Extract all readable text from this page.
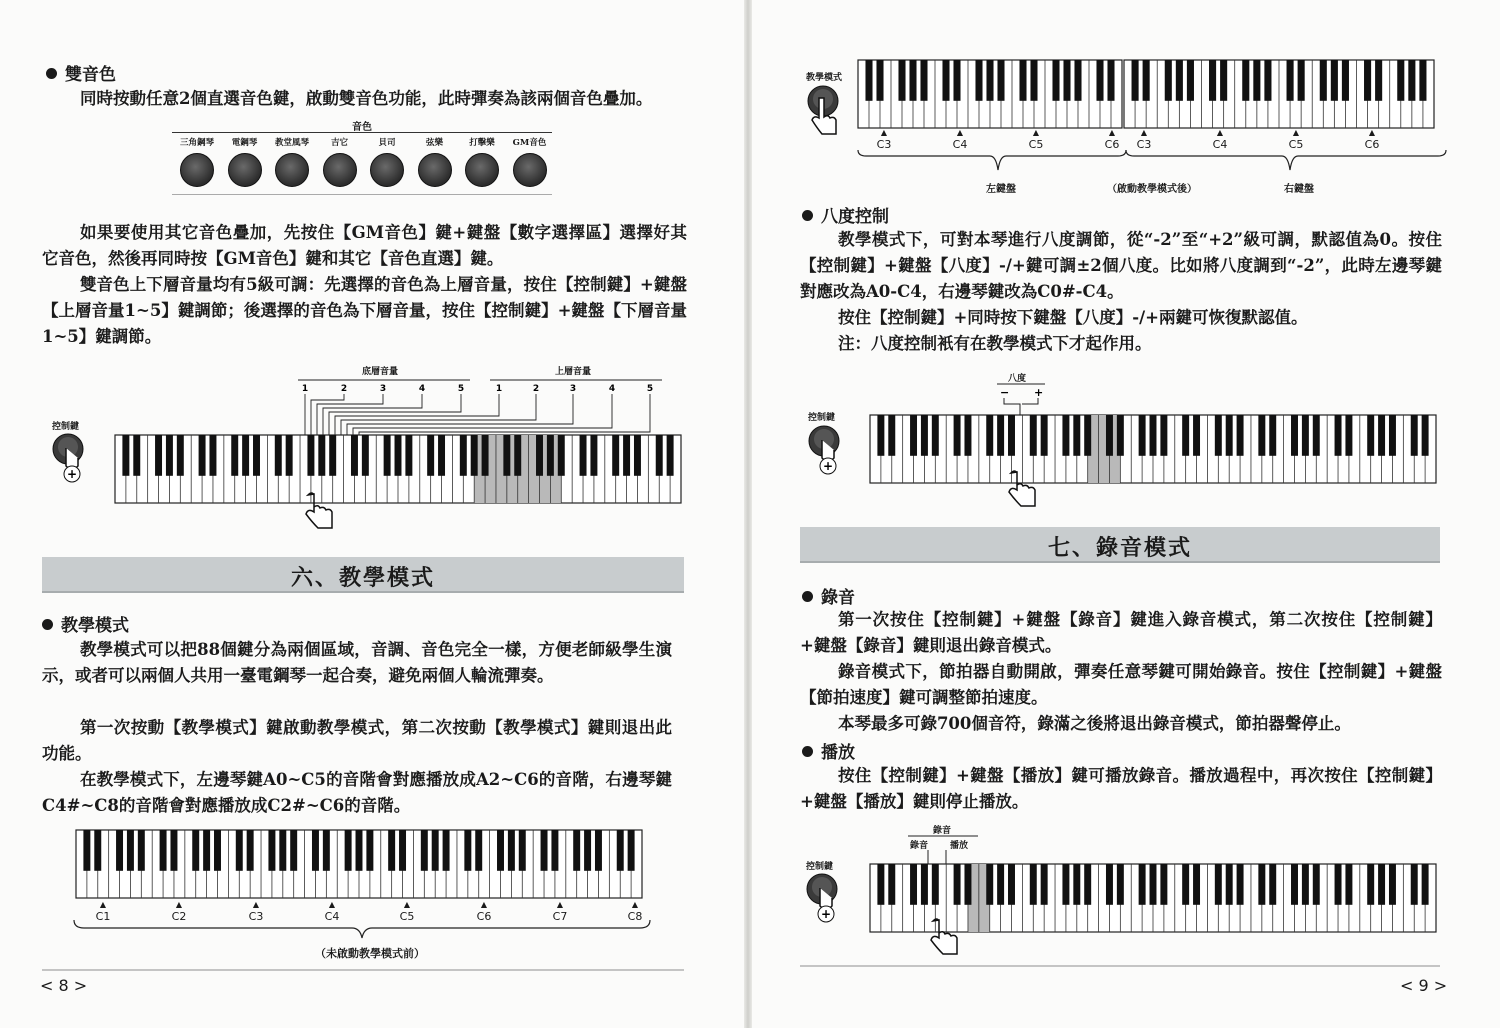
雙音色

同時按動任意2個直選音色鍵，啟動雙音色功能，此時彈奏為該兩個音色疊加。

音色
三角鋼琴	電鋼琴	教堂風琴	吉它	貝司	弦樂	打擊樂	GM音色

如果要使用其它音色疊加，先按住【GM音色】鍵+鍵盤【數字選擇區】選擇好其它音色，然後再同時按【GM音色】鍵和其它【音色直選】鍵。

雙音色上下層音量均有5級可調：先選擇的音色為上層音量，按住【控制鍵】+鍵盤【上層音量1~5】鍵調節；後選擇的音色為下層音量，按住【控制鍵】+鍵盤【下層音量1~5】鍵調節。

控制鍵
+
底層音量	上層音量
1	2	3	4	5	1	2	3	4	5
六、教學模式
教學模式

教學模式可以把88個鍵分為兩個區域，音調、音色完全一樣，方便老師級學生演示，或者可以兩個人共用一臺電鋼琴一起合奏，避免兩個人輪流彈奏。

第一次按動【教學模式】鍵啟動教學模式，第二次按動【教學模式】鍵則退出此功能。

在教學模式下，左邊琴鍵A0~C5的音階會對應播放成A2~C6的音階，右邊琴鍵C4#~C8的音階會對應播放成C2#~C6的音階。

▲
C1
▲
C2
▲
C3
▲
C4
▲
C5
▲
C6
▲
C7
▲
C8
（未啟動教學模式前）
< 8 >
教學模式
▲
C3
▲
C4
▲
C5
▲
C6
▲
C3
▲
C4
▲
C5
▲
C6
左鍵盤	（啟動教學模式後）	右鍵盤
八度控制

教學模式下，可對本琴進行八度調節，從“-2”至“+2”級可調，默認值為0。按住【控制鍵】+鍵盤【八度】-/+鍵可調±2個八度。比如將八度調到“-2”，此時左邊琴鍵對應改為A0-C4，右邊琴鍵改為C0#-C4。

按住【控制鍵】+同時按下鍵盤【八度】-/+兩鍵可恢復默認值。

注：八度控制衹有在教學模式下才起作用。

八度
− +
控制鍵
+
七、錄音模式
錄音

第一次按住【控制鍵】+鍵盤【錄音】鍵進入錄音模式，第二次按住【控制鍵】+鍵盤【錄音】鍵則退出錄音模式。

錄音模式下，節拍器自動開啟，彈奏任意琴鍵可開始錄音。按住【控制鍵】+鍵盤【節拍速度】鍵可調整節拍速度。

本琴最多可錄700個音符，錄滿之後將退出錄音模式，節拍器聲停止。

播放

按住【控制鍵】+鍵盤【播放】鍵可播放錄音。播放過程中，再次按住【控制鍵】+鍵盤【播放】鍵則停止播放。

錄音
錄音 播放
控制鍵
+
< 9 >
